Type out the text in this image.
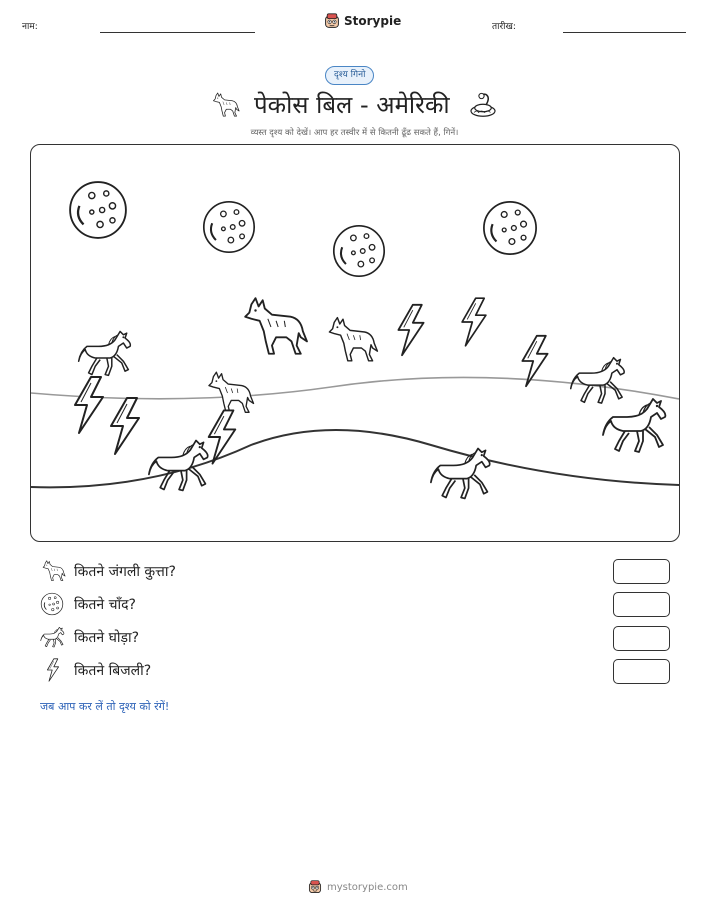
नाम:	Storypie	तारीख:
दृश्य गिनो
पेकोस बिल - अमेरिकी
व्यस्त दृश्य को देखें। आप हर तस्वीर में से कितनी ढूँढ सकते हैं, गिनें।
कितने जंगली कुत्ता?
कितने चाँद?
कितने घोड़ा?
कितने बिजली?
जब आप कर लें तो दृश्य को रंगें!
mystorypie.com
